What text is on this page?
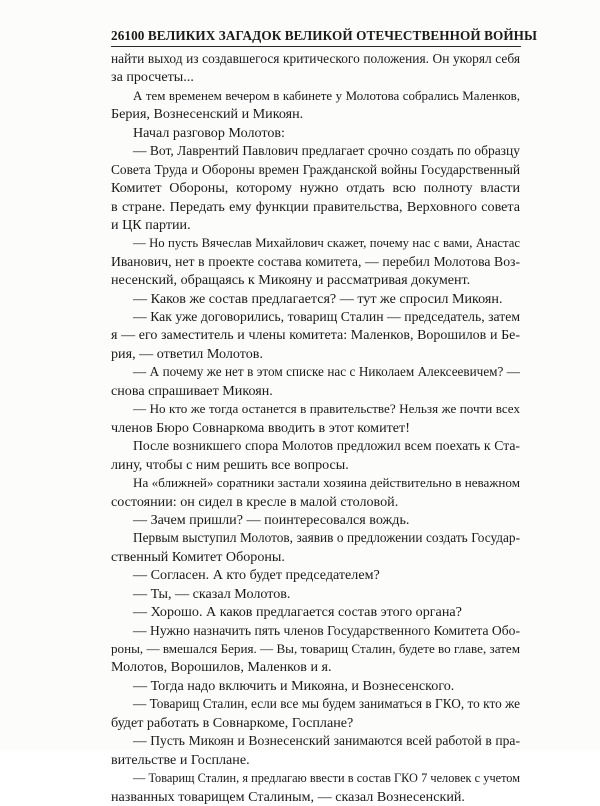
26 100 ВЕЛИКИХ ЗАГАДОК ВЕЛИКОЙ ОТЕЧЕСТВЕННОЙ ВОЙНЫ
найти выход из создавшегося критического положения. Он укорял себя
за просчеты...
А тем временем вечером в кабинете у Молотова собрались Маленков,
Берия, Вознесенский и Микоян.
Начал разговор Молотов:
— Вот, Лаврентий Павлович предлагает срочно создать по образцу
Совета Труда и Обороны времен Гражданской войны Государственный
Комитет Обороны, которому нужно отдать всю полноту власти
в стране. Передать ему функции правительства, Верховного совета
и ЦК партии.
— Но пусть Вячеслав Михайлович скажет, почему нас с вами, Анастас
Иванович, нет в проекте состава комитета, — перебил Молотова Воз-
несенский, обращаясь к Микояну и рассматривая документ.
— Каков же состав предлагается? — тут же спросил Микоян.
— Как уже договорились, товарищ Сталин — председатель, затем
я — его заместитель и члены комитета: Маленков, Ворошилов и Бе-
рия, — ответил Молотов.
— А почему же нет в этом списке нас с Николаем Алексеевичем? —
снова спрашивает Микоян.
— Но кто же тогда останется в правительстве? Нельзя же почти всех
членов Бюро Совнаркома вводить в этот комитет!
После возникшего спора Молотов предложил всем поехать к Ста-
лину, чтобы с ним решить все вопросы.
На «ближней» соратники застали хозяина действительно в неважном
состоянии: он сидел в кресле в малой столовой.
— Зачем пришли? — поинтересовался вождь.
Первым выступил Молотов, заявив о предложении создать Государ-
ственный Комитет Обороны.
— Согласен. А кто будет председателем?
— Ты, — сказал Молотов.
— Хорошо. А каков предлагается состав этого органа?
— Нужно назначить пять членов Государственного Комитета Обо-
роны, — вмешался Берия. — Вы, товарищ Сталин, будете во главе, затем
Молотов, Ворошилов, Маленков и я.
— Тогда надо включить и Микояна, и Вознесенского.
— Товарищ Сталин, если все мы будем заниматься в ГКО, то кто же
будет работать в Совнаркоме, Госплане?
— Пусть Микоян и Вознесенский занимаются всей работой в пра-
вительстве и Госплане.
— Товарищ Сталин, я предлагаю ввести в состав ГКО 7 человек с учетом
названных товарищем Сталиным, — сказал Вознесенский.
